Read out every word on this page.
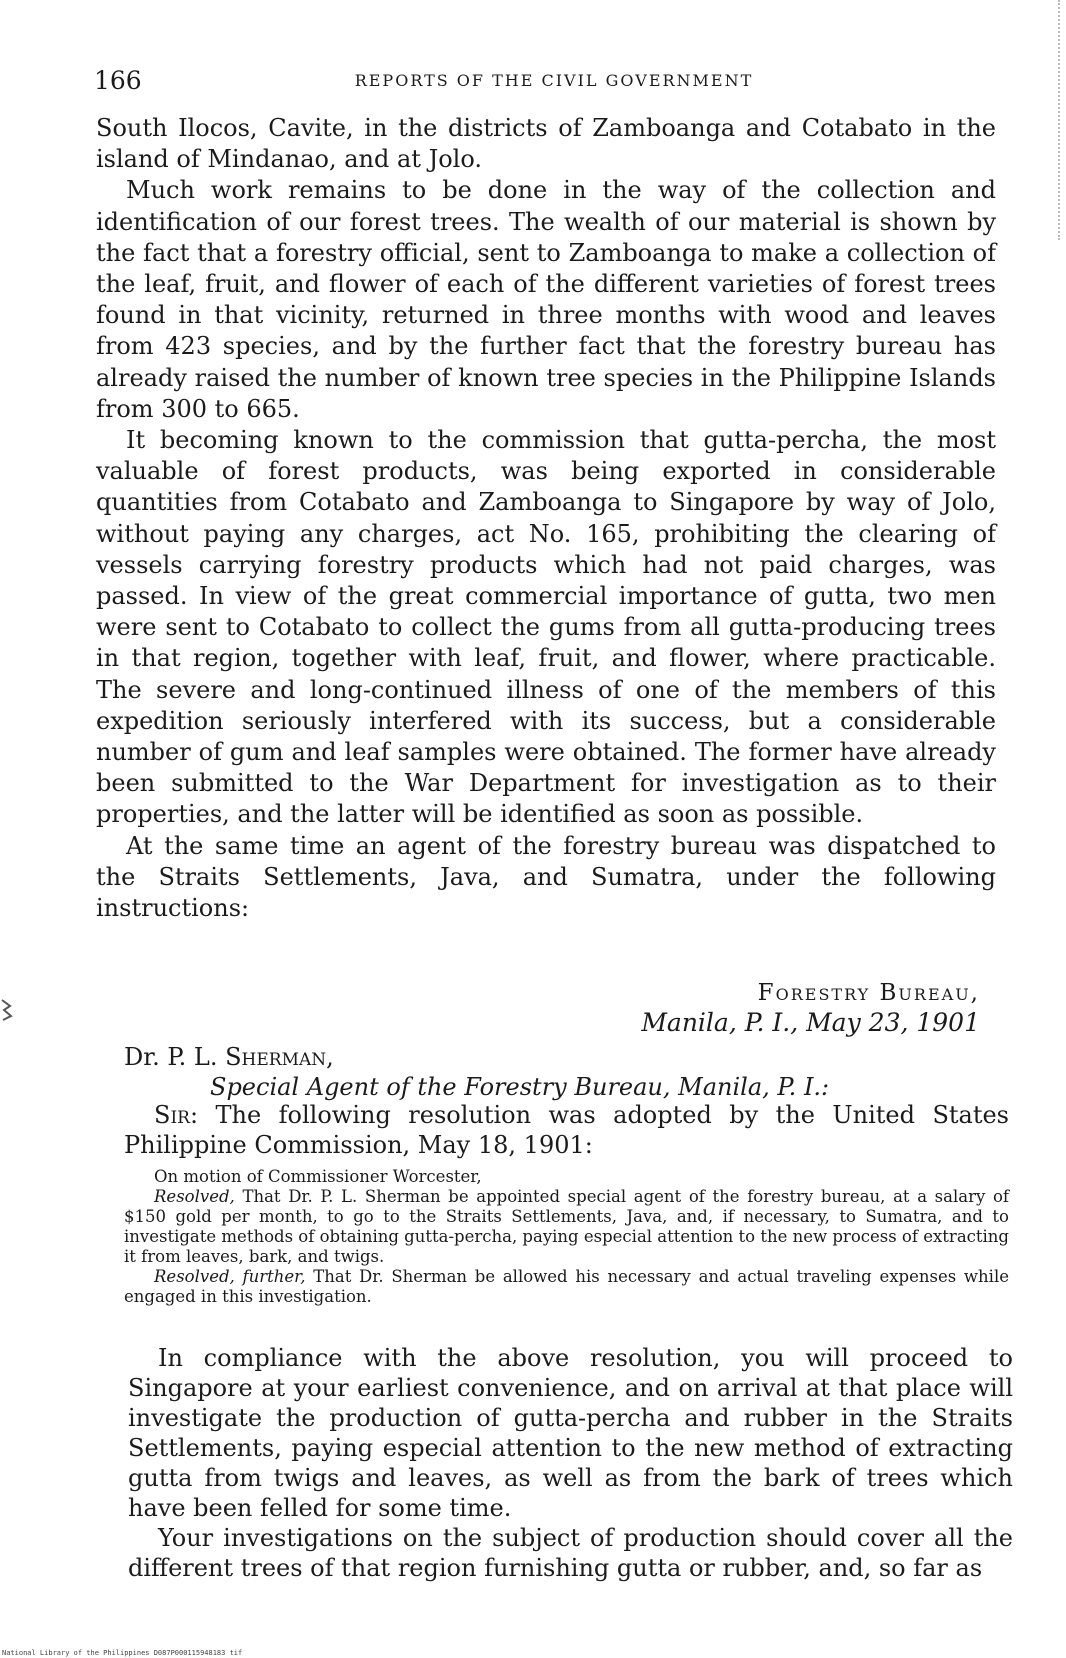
166	REPORTS OF THE CIVIL GOVERNMENT

South Ilocos, Cavite, in the districts of Zamboanga and Cotabato in the island of Mindanao, and at Jolo.

Much work remains to be done in the way of the collection and identification of our forest trees. The wealth of our material is shown by the fact that a forestry official, sent to Zamboanga to make a collection of the leaf, fruit, and flower of each of the different varieties of forest trees found in that vicinity, returned in three months with wood and leaves from 423 species, and by the further fact that the forestry bureau has already raised the number of known tree species in the Philippine Islands from 300 to 665.

It becoming known to the commission that gutta-percha, the most valuable of forest products, was being exported in considerable quantities from Cotabato and Zamboanga to Singapore by way of Jolo, without paying any charges, act No. 165, prohibiting the clearing of vessels carrying forestry products which had not paid charges, was passed. In view of the great commercial importance of gutta, two men were sent to Cotabato to collect the gums from all gutta-producing trees in that region, together with leaf, fruit, and flower, where practicable. The severe and long-continued illness of one of the members of this expedition seriously interfered with its success, but a considerable number of gum and leaf samples were obtained. The former have already been submitted to the War Department for investigation as to their properties, and the latter will be identified as soon as possible.

At the same time an agent of the forestry bureau was dispatched to the Straits Settlements, Java, and Sumatra, under the following instructions:

Forestry Bureau,
Manila, P. I., May 23, 1901
Dr. P. L. Sherman,
Special Agent of the Forestry Bureau, Manila, P. I.:

Sir: The following resolution was adopted by the United States Philippine Commission, May 18, 1901:

On motion of Commissioner Worcester,

Resolved, That Dr. P. L. Sherman be appointed special agent of the forestry bureau, at a salary of $150 gold per month, to go to the Straits Settlements, Java, and, if necessary, to Sumatra, and to investigate methods of obtaining gutta-percha, paying especial attention to the new process of extracting it from leaves, bark, and twigs.

Resolved, further, That Dr. Sherman be allowed his necessary and actual traveling expenses while engaged in this investigation.

In compliance with the above resolution, you will proceed to Singapore at your earliest convenience, and on arrival at that place will investigate the production of gutta-percha and rubber in the Straits Settlements, paying especial attention to the new method of extracting gutta from twigs and leaves, as well as from the bark of trees which have been felled for some time.

Your investigations on the subject of production should cover all the different trees of that region furnishing gutta or rubber, and, so far as

National Library of the Philippines D087P000115948183 tif
